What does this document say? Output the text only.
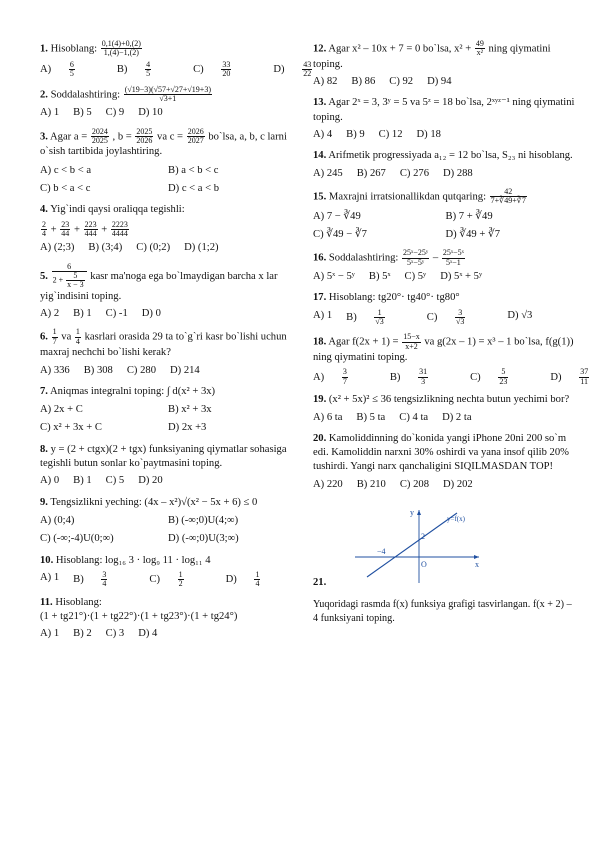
1. Hisoblang: $\frac{0,1(4)+0,(2)}{1,(4)-1,(2)}$
$A) \frac{6}{5}$	$B) \frac{4}{5}$	$C) \frac{33}{20}$	$D) \frac{43}{22}$
2. Soddalashtiring: $\frac{(√19-3)(√57+√27+√19+3)}{√3+1}$
A) 1 B) 5 C) 9 D) 10
3. Agar $a = \frac{2024}{2025}$ , $b = \frac{2025}{2026}$ va $c = \frac{2026}{2027}$ bo`lsa, a, b, c larni o`sish tartibida joylashtiring.
A) c < b < a	B) a < b < c
C) b < a < c	D) c < a < b
4. Yig`indi qaysi oraliqqa tegishli:
$\frac{2}{4} + \frac{23}{44} + \frac{223}{444} + \frac{2223}{4444}$
A) (2;3) B) (3;4) C) (0;2) D) (1;2)
5. $\frac{6}{2 + \frac{5}{x - 3}}$ kasr ma'noga ega bo`lmaydigan barcha x lar yig`indisini toping.
A) 2 B) 1 C) -1 D) 0
6. $\frac{1}{7}$ va $\frac{1}{4}$ kasrlari orasida 29 ta to`g`ri kasr bo`lishi uchun maxraj nechchi bo`lishi kerak?
A) 336 B) 308 C) 280 D) 214
7. Aniqmas integralni toping: ∫ d(x² + 3x)
A) 2x + C	B) x² + 3x
C) x² + 3x + C	D) 2x +3
8. y = (2 + ctgx)(2 + tgx) funksiyaning qiymatlar sohasiga tegishli butun sonlar ko`paytmasini toping.
A) 0 B) 1 C) 5 D) 20
9. Tengsizlikni yeching: (4x – x²)√(x² − 5x + 6) ≤ 0
A) (0;4)	B) (-∞;0)U(4;∞)
C) (-∞;-4)U(0;∞)	D) (-∞;0)U(3;∞)
10. Hisoblang: log₁₆ 3 · log₉ 11 · log₁₁ 4
A) 1 $B) \frac{3}{4}$	$C) \frac{1}{2}$	$D) \frac{1}{4}$
11. Hisoblang:
(1 + tg21°)·(1 + tg22°)·(1 + tg23°)·(1 + tg24°)
A) 1 B) 2 C) 3 D) 4
12. Agar x² – 10x + 7 = 0 bo`lsa, $x^2 + \frac{49}{\text{x²}}$ ning qiymatini toping.
A) 82 B) 86 C) 92 D) 94
13. Agar 2ˣ = 3, 3ʸ = 5 va 5ᶻ = 18 bo`lsa, 2ˣʸᶻ⁻¹ ning qiymatini toping.
A) 4 B) 9 C) 12 D) 18
14. Arifmetik progressiyada a₁₂ = 12 bo`lsa, S₂₃ ni hisoblang.
A) 245 B) 267 C) 276 D) 288
15. Maxrajni irratsionallikdan qutqaring: $\frac{42}{7+∛49+∛7}$
A) 7 − ∛49	B) 7 + ∛49
C) ∛49 − ∛7	D) ∛49 + ∛7
16. Soddalashtiring: $\frac{\text{25ˣ−25ʸ}}{\text{5ˣ−5ʸ}} - \frac{\text{25ˣ−5ˣ}}{\text{5ˣ−1}}$
A) 5ˣ − 5ʸ B) 5ˣ C) 5ʸ D) 5ˣ + 5ʸ
17. Hisoblang: tg20°· tg40°· tg80°
A) 1 $B) \frac{1}{√3}$	$C) \frac{3}{√3}$	D) √3
18. Agar $f(2x + 1) = \frac{15-x}{x+2}$ va g(2x – 1) = x³ – 1 bo`lsa, f(g(1)) ning qiymatini toping.
$A) \frac{3}{7}$	$B) \frac{31}{3}$	$C) \frac{5}{23}$	$D) \frac{37}{11}$
19. (x² + 5x)² ≤ 36 tengsizlikning nechta butun yechimi bor?
A) 6 ta B) 5 ta C) 4 ta D) 2 ta
20. Kamoliddinning do`konida yangi iPhone 20ni 200 so`m edi. Kamoliddin narxni 30% oshirdi va yana insof qilib 20% tushirdi. Yangi narx qanchaligini SIQILMASDAN TOP!
A) 220 B) 210 C) 208 D) 202
21.
x
y
y=f(x)
2
−4
O
Yuqoridagi rasmda f(x) funksiya grafigi tasvirlangan. f(x + 2) – 4 funksiyani toping.
